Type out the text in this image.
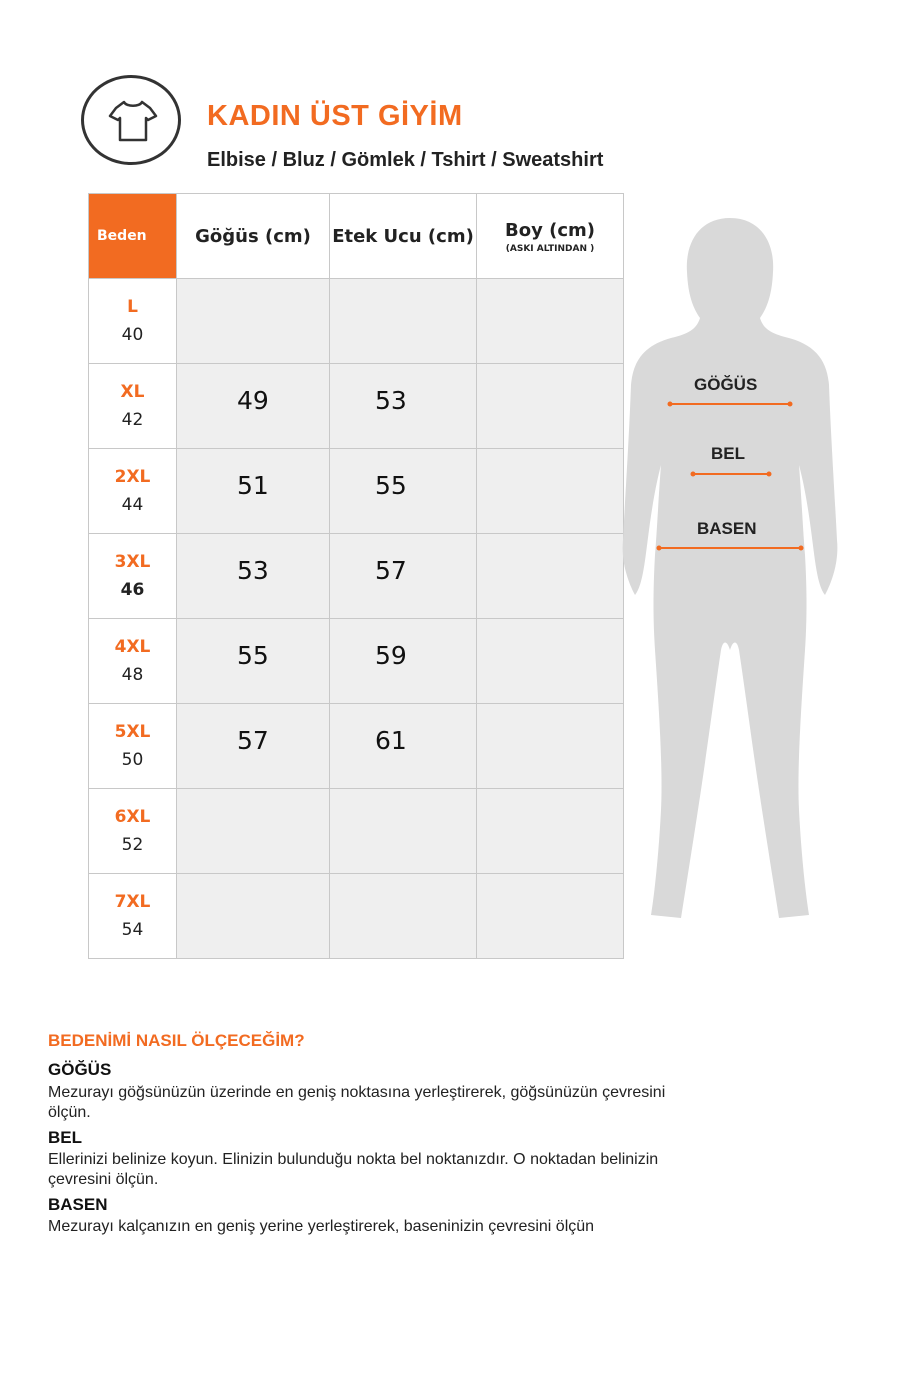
KADIN ÜST GİYİM
Elbise / Bluz / Gömlek / Tshirt / Sweatshirt
Beden	Göğüs (cm)	Etek Ucu (cm)	Boy (cm)
(ASKI ALTINDAN )

L
40			

XL
42	49	53	

2XL
44	51	55	

3XL
46	53	57	

4XL
48	55	59	

5XL
50	57	61	

6XL
52			

7XL
54			

GÖĞÜS
BEL
BASEN
BEDENİMİ NASIL ÖLÇECEĞİM?
GÖĞÜS

Mezurayı göğsünüzün üzerinde en geniş noktasına yerleştirerek, göğsünüzün çevresini ölçün.

BEL

Ellerinizi belinize koyun. Elinizin bulunduğu nokta bel noktanızdır. O noktadan belinizin çevresini ölçün.

BASEN

Mezurayı kalçanızın en geniş yerine yerleştirerek, baseninizin çevresini ölçün
